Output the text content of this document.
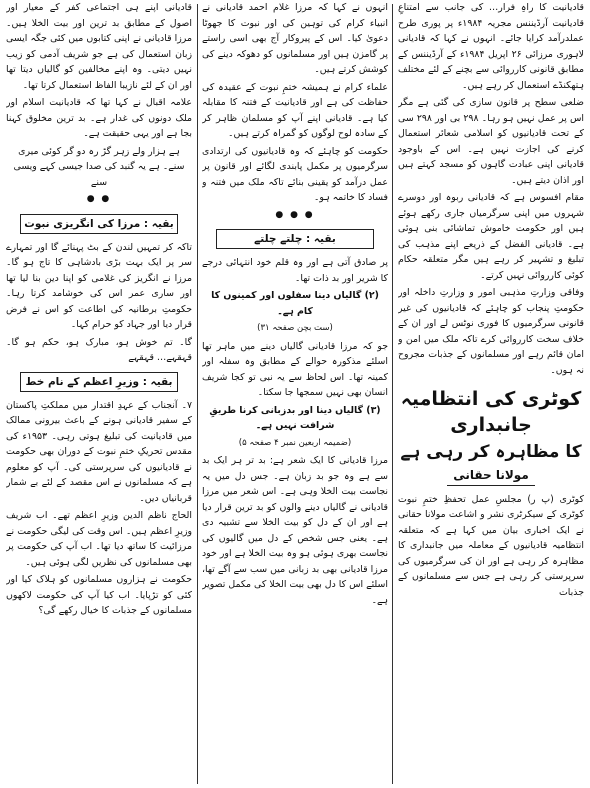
قادیانیت کا راہِ فرار… کی جانب سے امتناعِ قادیانیت آرڈیننس مجریہ ۱۹۸۴ء پر پوری طرح عملدرآمد کرایا جائے۔ انہوں نے کہا کہ قادیانی لاہوری مرزائی ۲۶ اپریل ۱۹۸۴ء کے آرڈیننس کے مطابق قانونی کارروائی سے بچنے کے لئے مختلف ہتھکنڈے استعمال کر رہے ہیں۔

ضلعی سطح پر قانون سازی کی گئی ہے مگر اس پر عمل نہیں ہو رہا۔ ۲۹۸ بی اور ۲۹۸ سی کے تحت قادیانیوں کو اسلامی شعائر استعمال کرنے کی اجازت نہیں ہے۔ اس کے باوجود قادیانی اپنی عبادت گاہوں کو مسجد کہتے ہیں اور اذان دیتے ہیں۔

مقام افسوس ہے کہ قادیانی ربوہ اور دوسرے شہروں میں اپنی سرگرمیاں جاری رکھے ہوئے ہیں اور حکومت خاموش تماشائی بنی ہوئی ہے۔ قادیانی الفضل کے ذریعے اپنے مذہب کی تبلیغ و تشہیر کر رہے ہیں مگر متعلقہ حکام کوئی کارروائی نہیں کرتے۔

وفاقی وزارتِ مذہبی امور و وزارتِ داخلہ اور حکومتِ پنجاب کو چاہئے کہ قادیانیوں کی غیر قانونی سرگرمیوں کا فوری نوٹس لے اور ان کے خلاف سخت کارروائی کرے تاکہ ملک میں امن و امان قائم رہے اور مسلمانوں کے جذبات مجروح نہ ہوں۔

کوٹری کی انتظامیہ جانبداری
کا مظاہرہ کر رہی ہے
مولانا حقانی

کوٹری (پ ر) مجلسِ عمل تحفظِ ختمِ نبوت کوٹری کے سیکرٹری نشر و اشاعت مولانا حقانی نے ایک اخباری بیان میں کہا ہے کہ متعلقہ انتظامیہ قادیانیوں کے معاملہ میں جانبداری کا مظاہرہ کر رہی ہے اور ان کی سرگرمیوں کی سرپرستی کر رہی ہے جس سے مسلمانوں کے جذبات

انہوں نے کہا کہ مرزا غلام احمد قادیانی نے انبیاء کرام کی توہین کی اور نبوت کا جھوٹا دعویٰ کیا۔ اس کے پیروکار آج بھی اسی راستے پر گامزن ہیں اور مسلمانوں کو دھوکہ دینے کی کوشش کرتے ہیں۔

علماء کرام نے ہمیشہ ختمِ نبوت کے عقیدہ کی حفاظت کی ہے اور قادیانیت کے فتنہ کا مقابلہ کیا ہے۔ قادیانی اپنے آپ کو مسلمان ظاہر کر کے سادہ لوح لوگوں کو گمراہ کرتے ہیں۔

حکومت کو چاہئے کہ وہ قادیانیوں کی ارتدادی سرگرمیوں پر مکمل پابندی لگائے اور قانون پر عمل درآمد کو یقینی بنائے تاکہ ملک میں فتنہ و فساد کا خاتمہ ہو۔

● ● ●
بقیہ : چلتے چلتے

پر صادق آتی ہے اور وہ قلم خود انتہائی درجے کا شریر اور بد ذات تھا۔

(۲) گالیاں دینا سفلوں اور کمینوں کا کام ہے۔

(ست بچن صفحہ ۳۱)

جو کہ مرزا قادیانی گالیاں دینے میں ماہر تھا اسلئے مذکورہ حوالے کے مطابق وہ سفلہ اور کمینہ تھا۔ اس لحاظ سے یہ نبی تو کجا شریف انسان بھی نہیں سمجھا جا سکتا۔

(۳) گالیاں دینا اور بدزبانی کرنا طریقِ شرافت نہیں ہے۔

(ضمیمہ اربعین نمبر ۴ صفحہ ۵)

مرزا قادیانی کا ایک شعر ہے: بد تر ہر ایک بد سے ہے وہ جو بد زبان ہے۔ جس دل میں یہ نجاست بیت الخلا وہی ہے۔ اس شعر میں مرزا قادیانی نے گالیاں دینے والوں کو بد ترین قرار دیا ہے اور ان کے دل کو بیت الخلا سے تشبیہ دی ہے۔ یعنی جس شخص کے دل میں گالیوں کی نجاست بھری ہوئی ہو وہ بیت الخلا ہے اور خود مرزا قادیانی بھی بد زبانی میں سب سے آگے تھا، اسلئے اس کا دل بھی بیت الخلا کی مکمل تصویر ہے۔

قادیانی اپنے ہی اجتماعی کفر کے معیار اور اصول کے مطابق بد ترین اور بیت الخلا ہیں۔ مرزا قادیانی نے اپنی کتابوں میں کئی جگہ ایسی زبان استعمال کی ہے جو شریف آدمی کو زیب نہیں دیتی۔ وہ اپنے مخالفین کو گالیاں دیتا تھا اور ان کے لئے نازیبا الفاظ استعمال کرتا تھا۔

علامہ اقبال نے کہا تھا کہ قادیانیت اسلام اور ملک دونوں کی غدار ہے۔ بد ترین مخلوق کہنا بجا ہے اور یہی حقیقت ہے۔

ہے ہزار ولے زہر گڑ رہ دو گر کوئی میری سنے۔ ہے یہ گنبد کی صدا جیسی کہے ویسی سنے

● ●
بقیہ : مرزا کی انگریزی نبوت

تاکہ کر تمہیں لندن کے بٹ پہنائے گا اور تمہارے سر پر ایک بہت بڑی بادشاہی کا تاج ہو گا۔ مرزا نے انگریز کی غلامی کو اپنا دین بنا لیا تھا اور ساری عمر اس کی خوشامد کرتا رہا۔ حکومتِ برطانیہ کی اطاعت کو اس نے فرض قرار دیا اور جہاد کو حرام کہا۔

گا۔ تم خوش ہو، مبارک ہو، حکم ہو گا۔ قہقہے… قہقہے

بقیہ : وزیرِ اعظم کے نام خط

۷۔ آنجناب کے عہدِ اقتدار میں مملکتِ پاکستان کے سفیر قادیانی ہونے کے باعث بیرونی ممالک میں قادیانیت کی تبلیغ ہوتی رہی۔ ۱۹۵۳ء کی مقدس تحریکِ ختمِ نبوت کے دوران بھی حکومت نے قادیانیوں کی سرپرستی کی۔ آپ کو معلوم ہے کہ مسلمانوں نے اس مقصد کے لئے بے شمار قربانیاں دیں۔

الحاج ناظم الدین وزیرِ اعظم تھے۔ اب شریف وزیرِ اعظم ہیں۔ اس وقت کی لیگی حکومت نے مرزائیت کا ساتھ دیا تھا۔ اب آپ کی حکومت پر بھی مسلمانوں کی نظریں لگی ہوئی ہیں۔

حکومت نے ہزاروں مسلمانوں کو ہلاک کیا اور کئی کو تڑپایا۔ اب کیا آپ کی حکومت لاکھوں مسلمانوں کے جذبات کا خیال رکھے گی؟
